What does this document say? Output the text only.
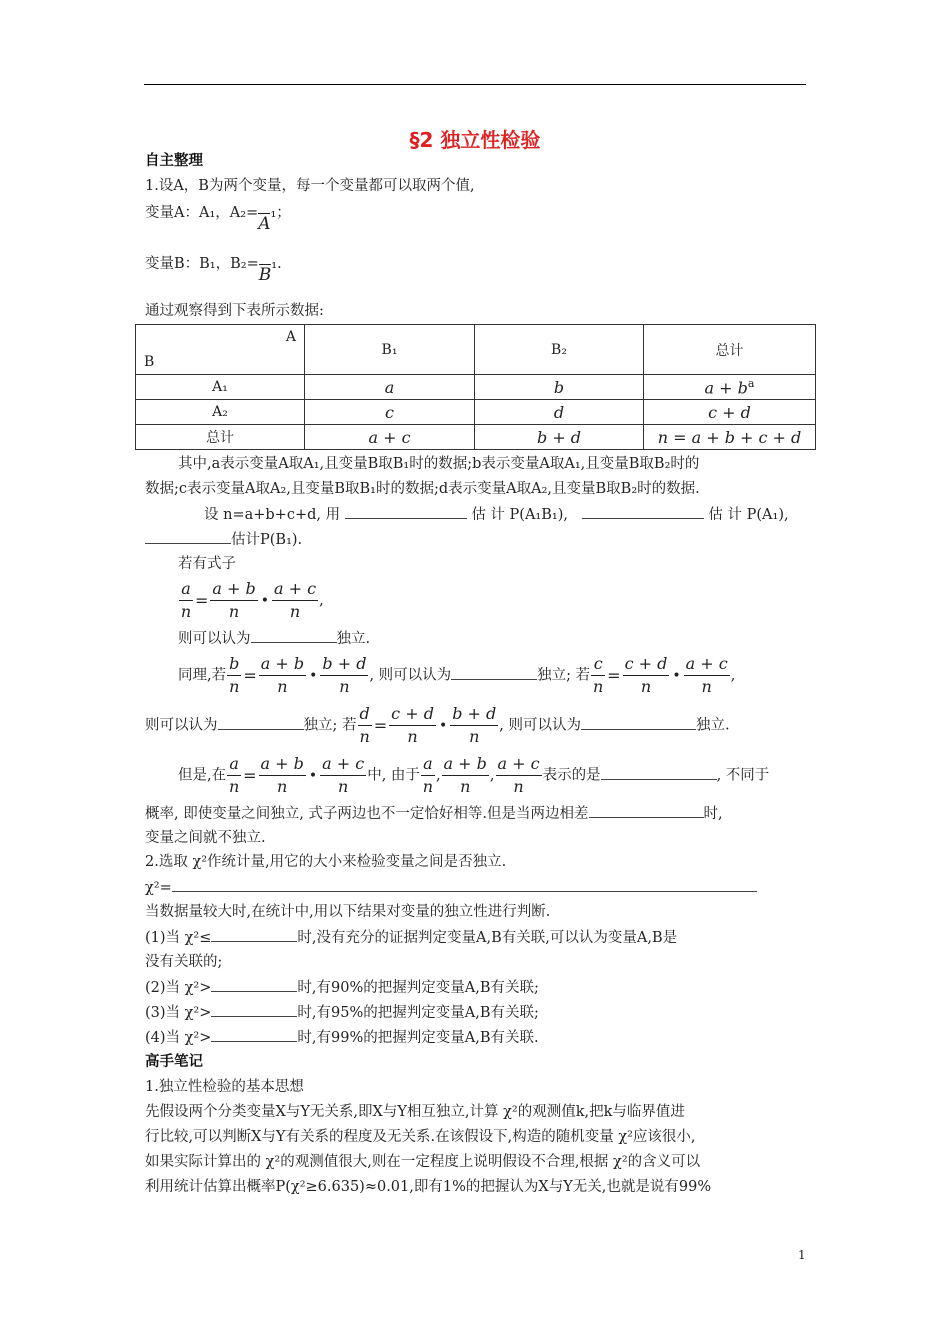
§2 独立性检验
自主整理
1.设A，B为两个变量，每一个变量都可以取两个值,
变量A：A₁，A₂=A₁；
变量B：B₁，B₂=B₁.
通过观察得到下表所示数据:
A
B	B₁	B₂	总计
A₁	a	b	$a + b^a$
A₂	c	d	c + d
总计	a + c	b + d	n = a + b + c + d
其中,a表示变量A取A₁,且变量B取B₁时的数据;b表示变量A取A₁,且变量B取B₂时的
数据;c表示变量A取A₂,且变量B取B₁时的数据;d表示变量A取A₂,且变量B取B₂时的数据.
设 n=a+b+c+d, 用	估 计 P(A₁B₁),	估 计 P(A₁),
估计P(B₁).
若有式子
$\frac{a}{n} = \frac{a + b}{n}$ • $\frac{a + c}{n}$ ,
则可以认为	独立.
同理,若 $\frac{b}{n} = \frac{a + b}{n}$ • $\frac{b + d}{n}$ , 则可以认为	独立; 若 $\frac{c}{n} = \frac{c + d}{n}$ • $\frac{a + c}{n}$ ,
则可以认为	独立; 若 $\frac{d}{n} = \frac{c + d}{n}$ • $\frac{b + d}{n}$ , 则可以认为	独立.
但是,在 $\frac{a}{n} = \frac{a + b}{n}$ • $\frac{a + c}{n}$ 中, 由于 $\frac{a}{n}$ , $\frac{a + b}{n}$ , $\frac{a + c}{n}$ 表示的是	, 不同于
概率, 即使变量之间独立, 式子两边也不一定恰好相等.但是当两边相差	时,
变量之间就不独立.
2.选取 χ²作统计量,用它的大小来检验变量之间是否独立.
χ²=
当数据量较大时,在统计中,用以下结果对变量的独立性进行判断.
(1)当 χ²≤	时,没有充分的证据判定变量A,B有关联,可以认为变量A,B是
没有关联的;
(2)当 χ²>	时,有90%的把握判定变量A,B有关联;
(3)当 χ²>	时,有95%的把握判定变量A,B有关联;
(4)当 χ²>	时,有99%的把握判定变量A,B有关联.
高手笔记
1.独立性检验的基本思想
先假设两个分类变量X与Y无关系,即X与Y相互独立,计算 χ²的观测值k,把k与临界值进
行比较,可以判断X与Y有关系的程度及无关系.在该假设下,构造的随机变量 χ²应该很小,
如果实际计算出的 χ²的观测值很大,则在一定程度上说明假设不合理,根据 χ²的含义可以
利用统计估算出概率P(χ²≥6.635)≈0.01,即有1%的把握认为X与Y无关,也就是说有99%
1
